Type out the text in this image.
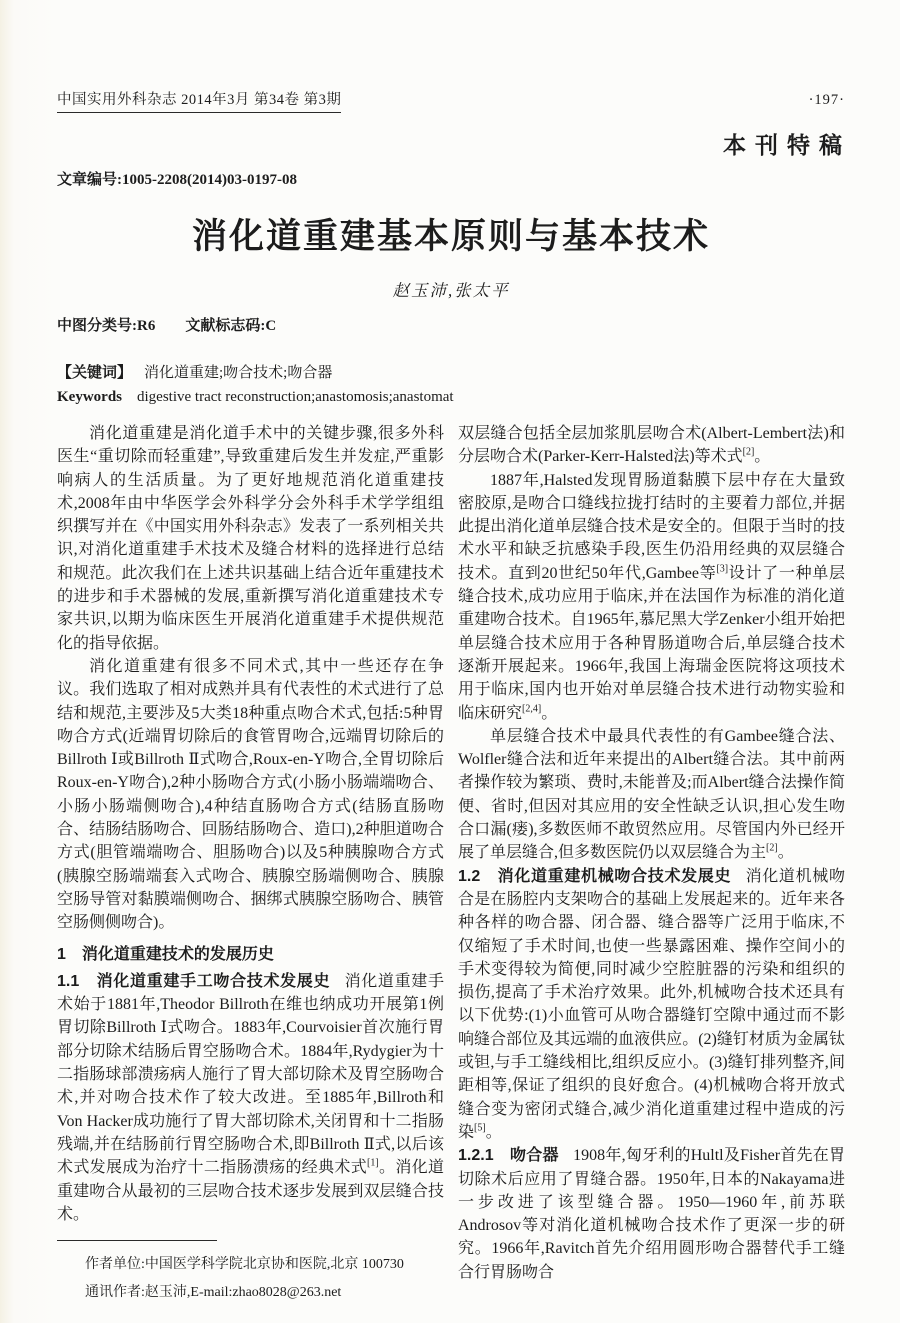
中国实用外科杂志 2014年3月 第34卷 第3期	·197·
本刊特稿
文章编号:1005-2208(2014)03-0197-08
消化道重建基本原则与基本技术
赵玉沛,张太平
中图分类号:R6 文献标志码:C
【关键词】 消化道重建;吻合技术;吻合器
Keywords digestive tract reconstruction;anastomosis;anastomat

消化道重建是消化道手术中的关键步骤,很多外科医生“重切除而轻重建”,导致重建后发生并发症,严重影响病人的生活质量。为了更好地规范消化道重建技术,2008年由中华医学会外科学分会外科手术学学组组织撰写并在《中国实用外科杂志》发表了一系列相关共识,对消化道重建手术技术及缝合材料的选择进行总结和规范。此次我们在上述共识基础上结合近年重建技术的进步和手术器械的发展,重新撰写消化道重建技术专家共识,以期为临床医生开展消化道重建手术提供规范化的指导依据。

消化道重建有很多不同术式,其中一些还存在争议。我们选取了相对成熟并具有代表性的术式进行了总结和规范,主要涉及5大类18种重点吻合术式,包括:5种胃吻合方式(近端胃切除后的食管胃吻合,远端胃切除后的Billroth Ⅰ或Billroth Ⅱ式吻合,Roux-en-Y吻合,全胃切除后Roux-en-Y吻合),2种小肠吻合方式(小肠小肠端端吻合、小肠小肠端侧吻合),4种结直肠吻合方式(结肠直肠吻合、结肠结肠吻合、回肠结肠吻合、造口),2种胆道吻合方式(胆管端端吻合、胆肠吻合)以及5种胰腺吻合方式(胰腺空肠端端套入式吻合、胰腺空肠端侧吻合、胰腺空肠导管对黏膜端侧吻合、捆绑式胰腺空肠吻合、胰管空肠侧侧吻合)。

1　消化道重建技术的发展历史

1.1　消化道重建手工吻合技术发展史 消化道重建手术始于1881年,Theodor Billroth在维也纳成功开展第1例胃切除Billroth Ⅰ式吻合。1883年,Courvoisier首次施行胃部分切除术结肠后胃空肠吻合术。1884年,Rydygier为十二指肠球部溃疡病人施行了胃大部切除术及胃空肠吻合术,并对吻合技术作了较大改进。至1885年,Billroth和Von Hacker成功施行了胃大部切除术,关闭胃和十二指肠残端,并在结肠前行胃空肠吻合术,即Billroth Ⅱ式,以后该术式发展成为治疗十二指肠溃疡的经典术式[1]。消化道重建吻合从最初的三层吻合技术逐步发展到双层缝合技术。

作者单位:中国医学科学院北京协和医院,北京 100730
通讯作者:赵玉沛,E-mail:zhao8028@263.net

双层缝合包括全层加浆肌层吻合术(Albert-Lembert法)和分层吻合术(Parker-Kerr-Halsted法)等术式[2]。

1887年,Halsted发现胃肠道黏膜下层中存在大量致密胶原,是吻合口缝线拉拢打结时的主要着力部位,并据此提出消化道单层缝合技术是安全的。但限于当时的技术水平和缺乏抗感染手段,医生仍沿用经典的双层缝合技术。直到20世纪50年代,Gambee等[3]设计了一种单层缝合技术,成功应用于临床,并在法国作为标准的消化道重建吻合技术。自1965年,慕尼黑大学Zenker小组开始把单层缝合技术应用于各种胃肠道吻合后,单层缝合技术逐渐开展起来。1966年,我国上海瑞金医院将这项技术用于临床,国内也开始对单层缝合技术进行动物实验和临床研究[2,4]。

单层缝合技术中最具代表性的有Gambee缝合法、Wolfler缝合法和近年来提出的Albert缝合法。其中前两者操作较为繁琐、费时,未能普及;而Albert缝合法操作简便、省时,但因对其应用的安全性缺乏认识,担心发生吻合口漏(瘘),多数医师不敢贸然应用。尽管国内外已经开展了单层缝合,但多数医院仍以双层缝合为主[2]。

1.2　消化道重建机械吻合技术发展史 消化道机械吻合是在肠腔内支架吻合的基础上发展起来的。近年来各种各样的吻合器、闭合器、缝合器等广泛用于临床,不仅缩短了手术时间,也使一些暴露困难、操作空间小的手术变得较为简便,同时减少空腔脏器的污染和组织的损伤,提高了手术治疗效果。此外,机械吻合技术还具有以下优势:(1)小血管可从吻合器缝钉空隙中通过而不影响缝合部位及其远端的血液供应。(2)缝钉材质为金属钛或钽,与手工缝线相比,组织反应小。(3)缝钉排列整齐,间距相等,保证了组织的良好愈合。(4)机械吻合将开放式缝合变为密闭式缝合,减少消化道重建过程中造成的污染[5]。

1.2.1　吻合器 1908年,匈牙利的Hultl及Fisher首先在胃切除术后应用了胃缝合器。1950年,日本的Nakayama进一步改进了该型缝合器。1950—1960年,前苏联Androsov等对消化道机械吻合技术作了更深一步的研究。1966年,Ravitch首先介绍用圆形吻合器替代手工缝合行胃肠吻合
